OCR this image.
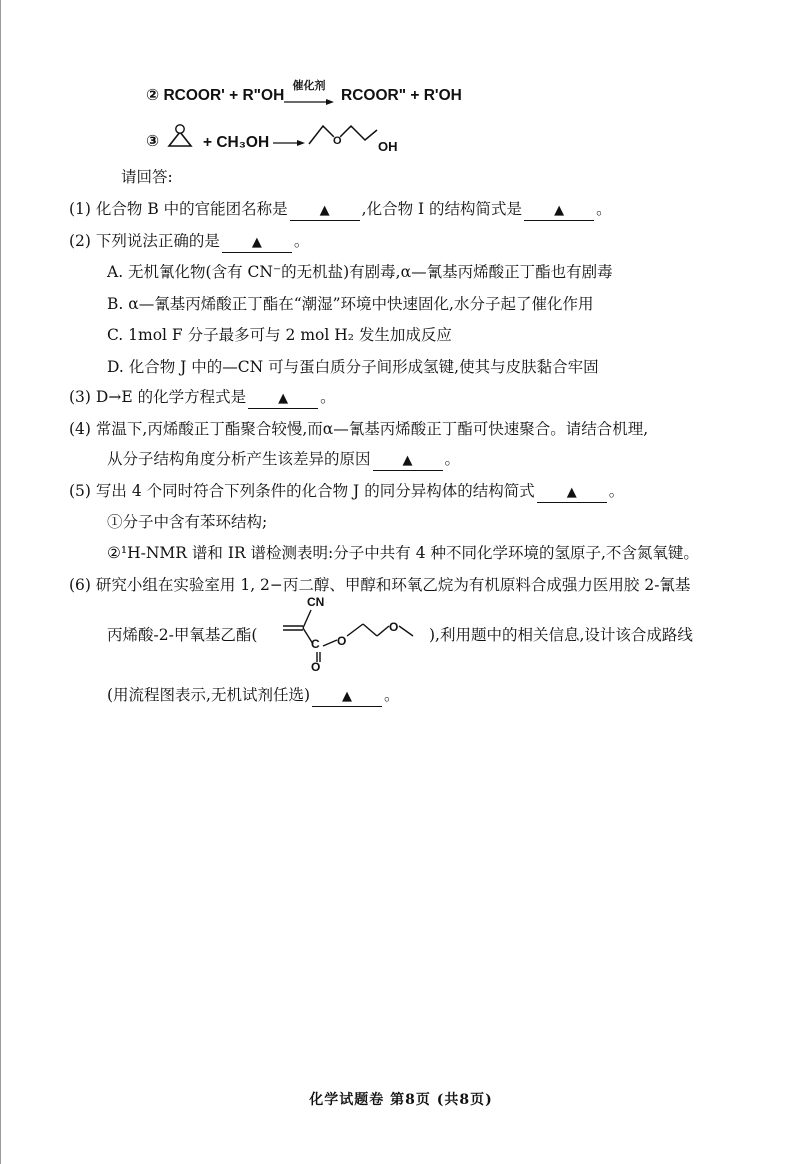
② RCOOR' + R"OH
催化剂
RCOOR" + R'OH
③	+ CH₃OH	O	OH
请回答:
(1) 化合物 B 中的官能团名称是 ▲ ,化合物 I 的结构简式是 ▲ 。
(2) 下列说法正确的是 ▲ 。
A. 无机氰化物(含有 CN⁻的无机盐)有剧毒,α—氰基丙烯酸正丁酯也有剧毒
B. α—氰基丙烯酸正丁酯在“潮湿”环境中快速固化,水分子起了催化作用
C. 1mol F 分子最多可与 2 mol H₂ 发生加成反应
D. 化合物 J 中的—CN 可与蛋白质分子间形成氢键,使其与皮肤黏合牢固
(3) D→E 的化学方程式是 ▲ 。
(4) 常温下,丙烯酸正丁酯聚合较慢,而α—氰基丙烯酸正丁酯可快速聚合。请结合机理,
从分子结构角度分析产生该差异的原因 ▲ 。
(5) 写出 4 个同时符合下列条件的化合物 J 的同分异构体的结构简式 ▲ 。
①分子中含有苯环结构;
②¹H-NMR 谱和 IR 谱检测表明:分子中共有 4 种不同化学环境的氢原子,不含氮氧键。
(6) 研究小组在实验室用 1, 2−丙二醇、甲醇和环氧乙烷为有机原料合成强力医用胶 2-氰基
丙烯酸-2-甲氧基乙酯(
CN
C O
O
O ),利用题中的相关信息,设计该合成路线
(用流程图表示,无机试剂任选) ▲ 。
化学试题卷 第8页 (共8页)
